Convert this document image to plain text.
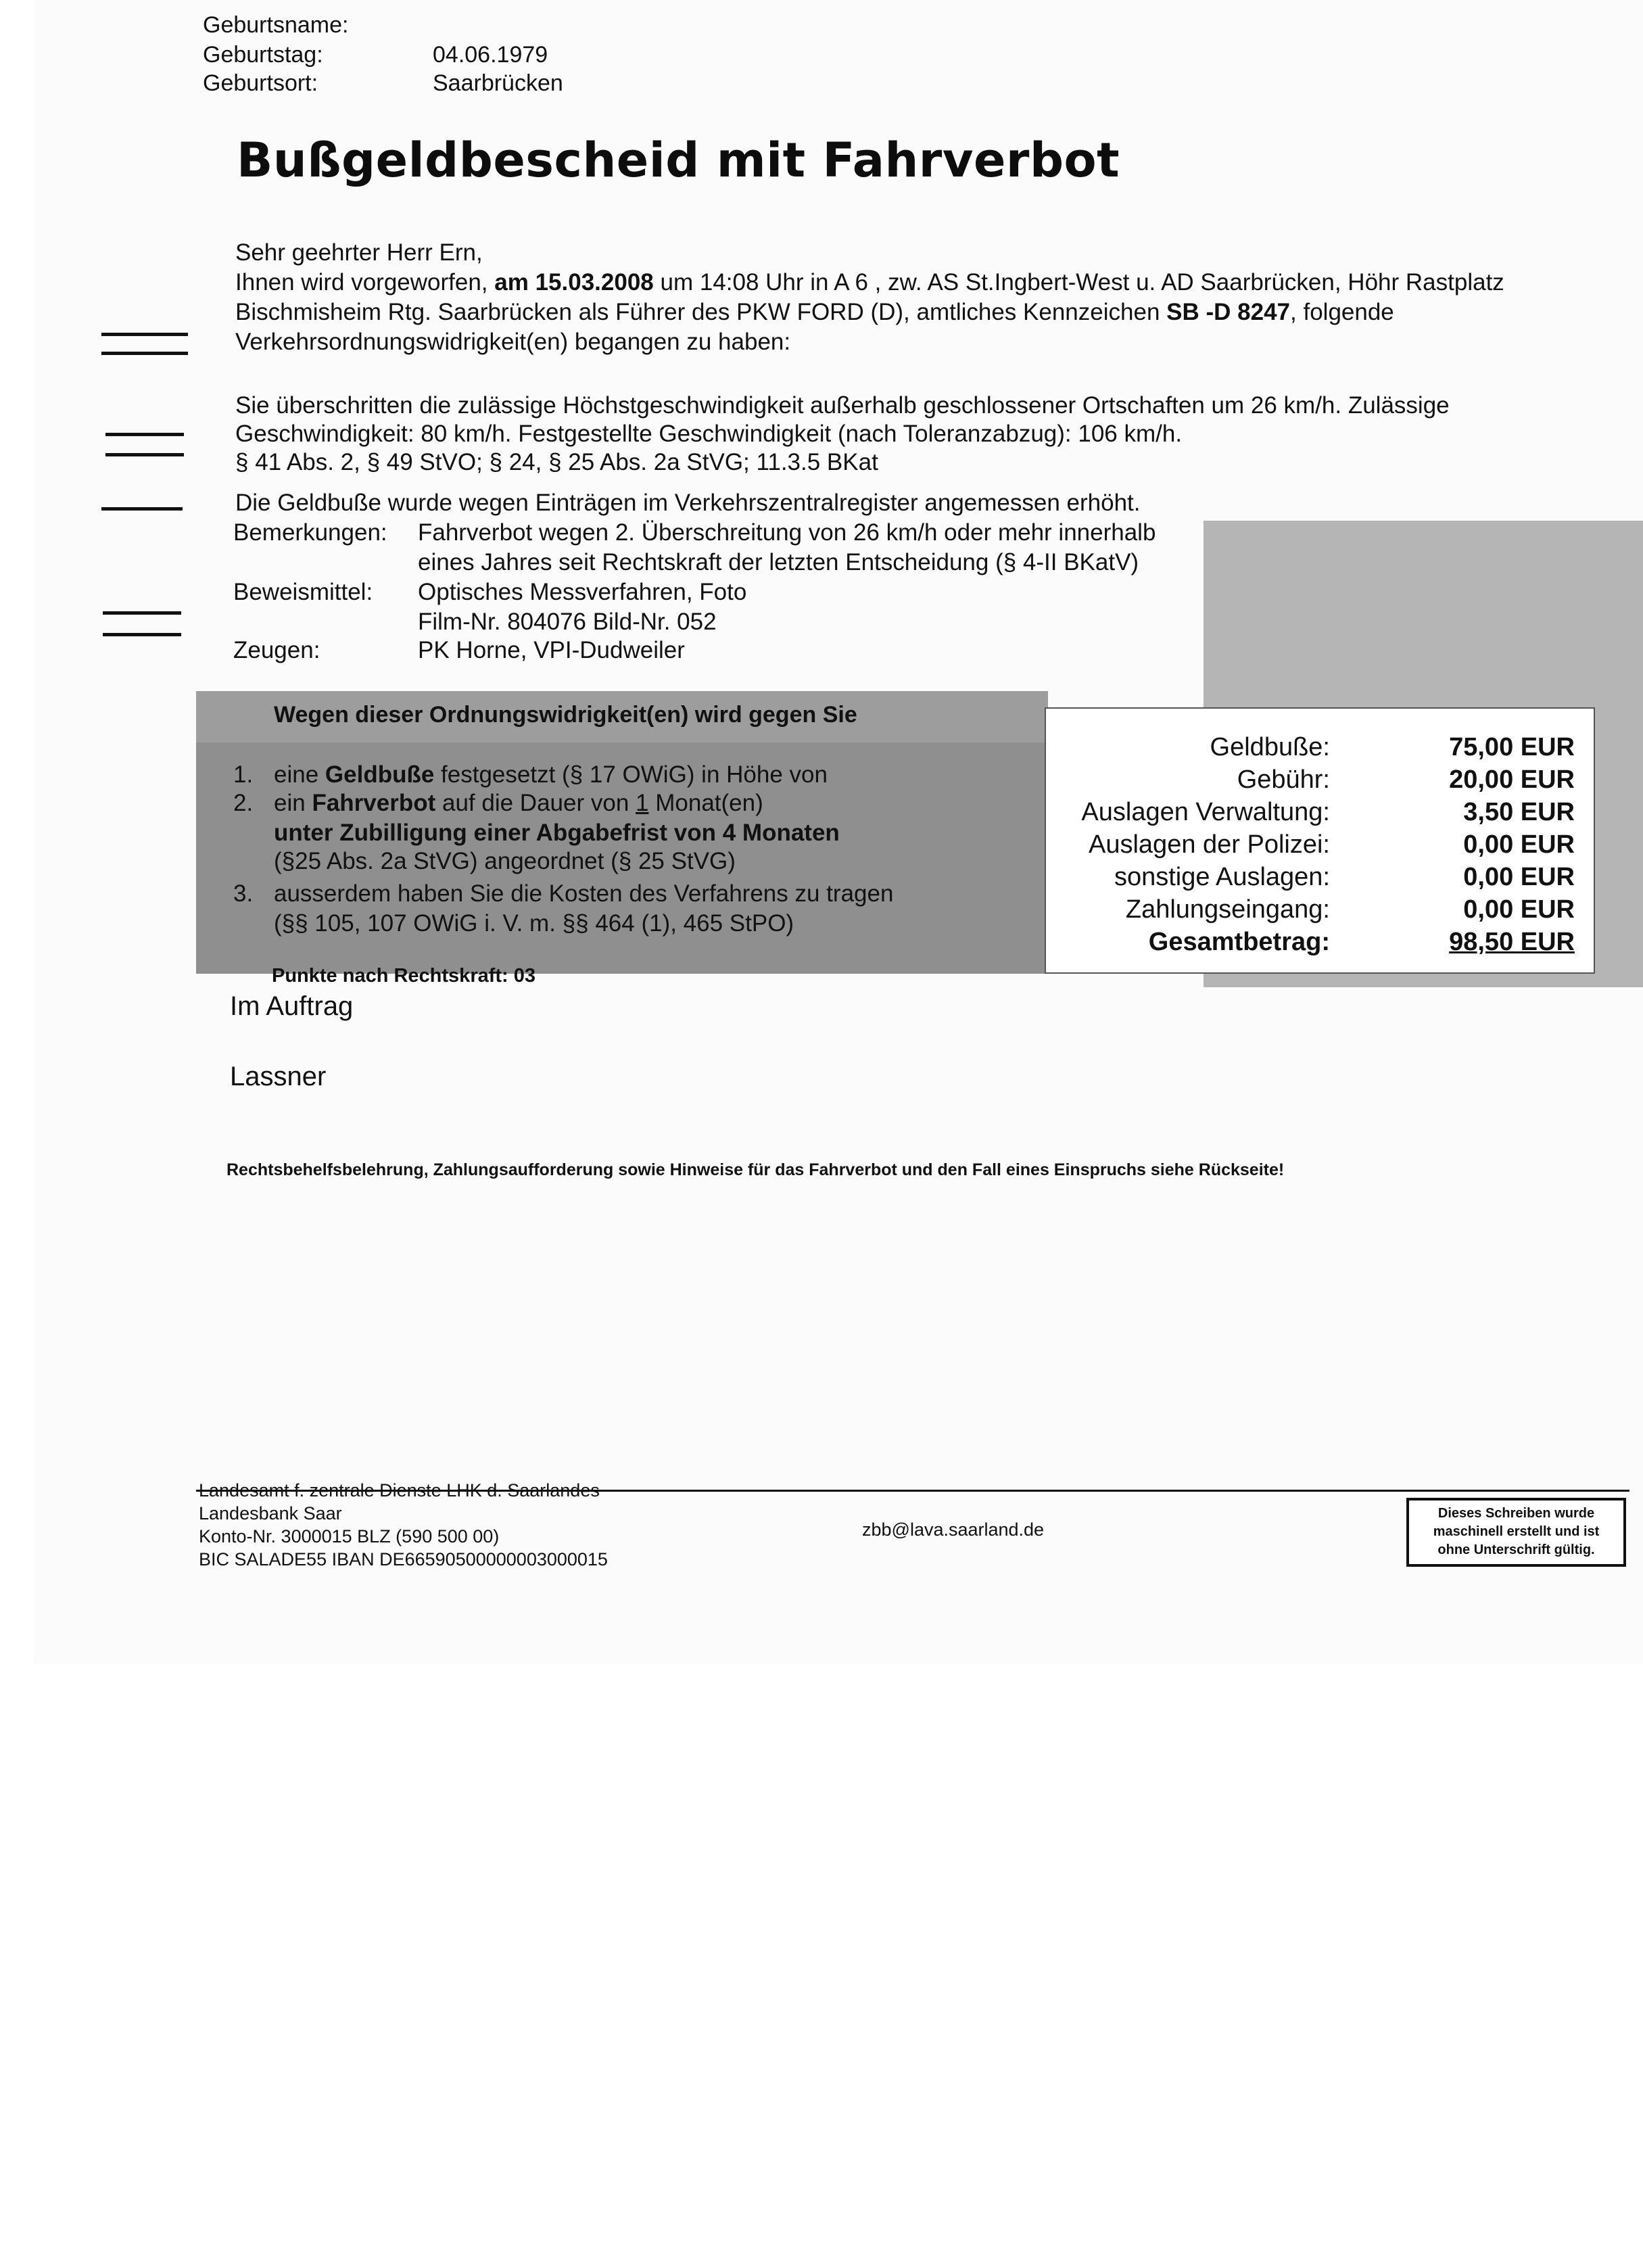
Geburtsname:
Geburtstag:	04.06.1979
Geburtsort:	Saarbrücken
Bußgeldbescheid mit Fahrverbot
Sehr geehrter Herr Ern,
Ihnen wird vorgeworfen, am 15.03.2008 um 14:08 Uhr in A 6 , zw. AS St.Ingbert-West u. AD Saarbrücken, Höhr Rastplatz
Bischmisheim Rtg. Saarbrücken als Führer des PKW FORD (D), amtliches Kennzeichen SB -D 8247, folgende
Verkehrsordnungswidrigkeit(en) begangen zu haben:
Sie überschritten die zulässige Höchstgeschwindigkeit außerhalb geschlossener Ortschaften um 26 km/h. Zulässige
Geschwindigkeit: 80 km/h. Festgestellte Geschwindigkeit (nach Toleranzabzug): 106 km/h.
§ 41 Abs. 2, § 49 StVO; § 24, § 25 Abs. 2a StVG; 11.3.5 BKat
Die Geldbuße wurde wegen Einträgen im Verkehrszentralregister angemessen erhöht.
Bemerkungen: Fahrverbot wegen 2. Überschreitung von 26 km/h oder mehr innerhalb
eines Jahres seit Rechtskraft der letzten Entscheidung (§ 4-II BKatV)
Beweismittel: Optisches Messverfahren, Foto
Film-Nr. 804076 Bild-Nr. 052
Zeugen:	PK Horne, VPI-Dudweiler
Wegen dieser Ordnungswidrigkeit(en) wird gegen Sie
1. eine Geldbuße festgesetzt (§ 17 OWiG) in Höhe von
2. ein Fahrverbot auf die Dauer von 1 Monat(en)
unter Zubilligung einer Abgabefrist von 4 Monaten
(§25 Abs. 2a StVG) angeordnet (§ 25 StVG)
3. ausserdem haben Sie die Kosten des Verfahrens zu tragen
(§§ 105, 107 OWiG i. V. m. §§ 464 (1), 465 StPO)
Punkte nach Rechtskraft: 03
Geldbuße:	75,00 EUR
Gebühr:	20,00 EUR
Auslagen Verwaltung:	3,50 EUR
Auslagen der Polizei:	0,00 EUR
sonstige Auslagen:	0,00 EUR
Zahlungseingang:	0,00 EUR
Gesamtbetrag:	98,50 EUR
Im Auftrag
Lassner
Rechtsbehelfsbelehrung, Zahlungsaufforderung sowie Hinweise für das Fahrverbot und den Fall eines Einspruchs siehe Rückseite!
Landesamt f. zentrale Dienste LHK d. Saarlandes
Landesbank Saar
Konto-Nr. 3000015 BLZ (590 500 00)
BIC SALADE55 IBAN DE66590500000003000015
zbb@lava.saarland.de
Dieses Schreiben wurde
maschinell erstellt und ist
ohne Unterschrift gültig.
